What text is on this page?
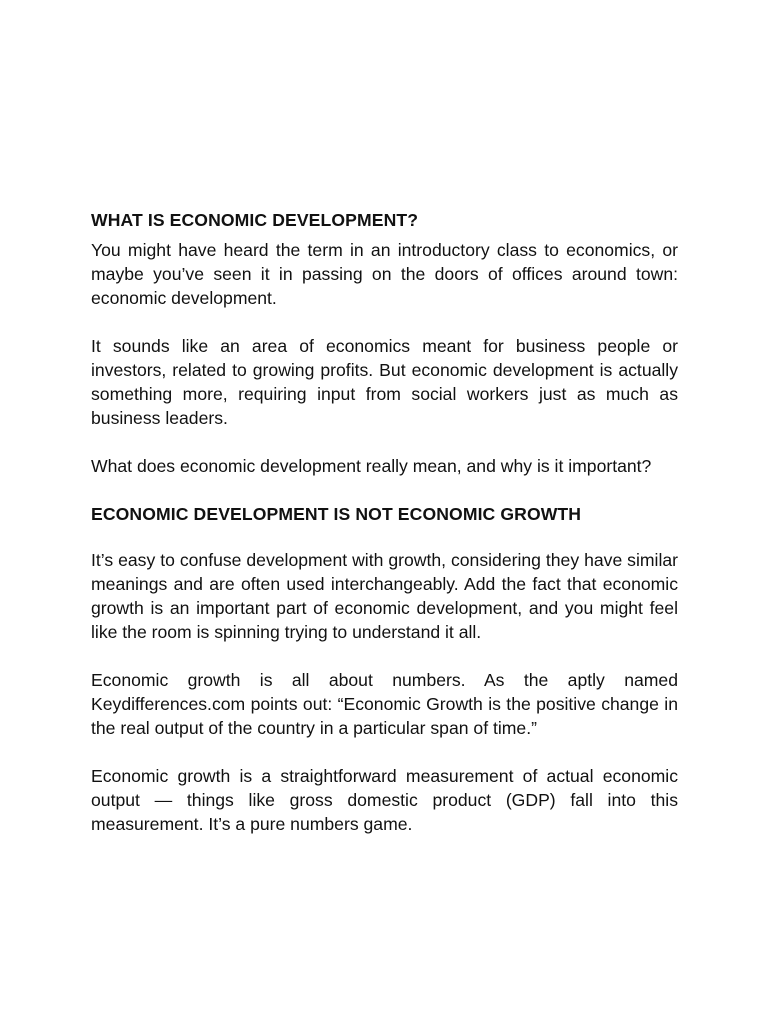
WHAT IS ECONOMIC DEVELOPMENT?

You might have heard the term in an introductory class to economics, or maybe you’ve seen it in passing on the doors of offices around town: economic development.

It sounds like an area of economics meant for business people or investors, related to growing profits. But economic development is actually something more, requiring input from social workers just as much as business leaders.

What does economic development really mean, and why is it important?

ECONOMIC DEVELOPMENT IS NOT ECONOMIC GROWTH

It’s easy to confuse development with growth, considering they have similar meanings and are often used interchangeably. Add the fact that economic growth is an important part of economic development, and you might feel like the room is spinning trying to understand it all.

Economic growth is all about numbers. As the aptly named Keydifferences.com points out: “Economic Growth is the positive change in the real output of the country in a particular span of time.”

Economic growth is a straightforward measurement of actual economic output — things like gross domestic product (GDP) fall into this measurement. It’s a pure numbers game.
